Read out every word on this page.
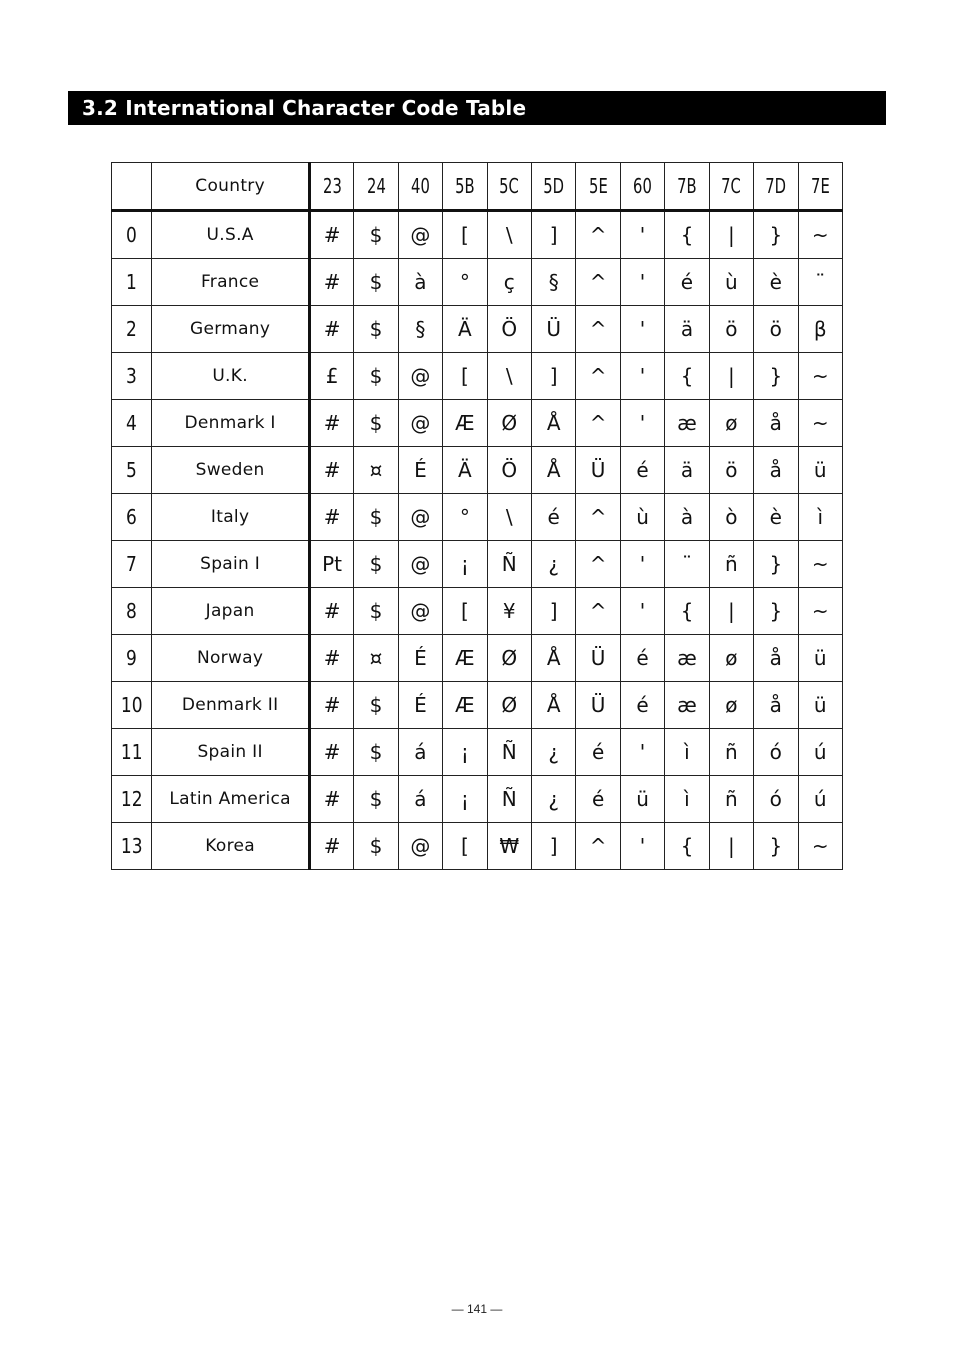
3.2 International Character Code Table
	Country	23	24	40	5B	5C	5D	5E	60	7B	7C	7D	7E
0	U.S.A	#	$	@	[	\	]	^	'	{	|	}	~
1	France	#	$	à	°	ç	§	^	'	é	ù	è	¨
2	Germany	#	$	§	Ä	Ö	Ü	^	'	ä	ö	ö	β
3	U.K.	£	$	@	[	\	]	^	'	{	|	}	~
4	Denmark I	#	$	@	Æ	Ø	Å	^	'	æ	ø	å	~
5	Sweden	#	¤	É	Ä	Ö	Å	Ü	é	ä	ö	å	ü
6	Italy	#	$	@	°	\	é	^	ù	à	ò	è	ì
7	Spain I	Pt	$	@	¡	Ñ	¿	^	'	¨	ñ	}	~
8	Japan	#	$	@	[	¥	]	^	'	{	|	}	~
9	Norway	#	¤	É	Æ	Ø	Å	Ü	é	æ	ø	å	ü
10	Denmark II	#	$	É	Æ	Ø	Å	Ü	é	æ	ø	å	ü
11	Spain II	#	$	á	¡	Ñ	¿	é	'	ì	ñ	ó	ú
12	Latin America	#	$	á	¡	Ñ	¿	é	ü	ì	ñ	ó	ú
13	Korea	#	$	@	[	₩	]	^	'	{	|	}	~
— 141 —
